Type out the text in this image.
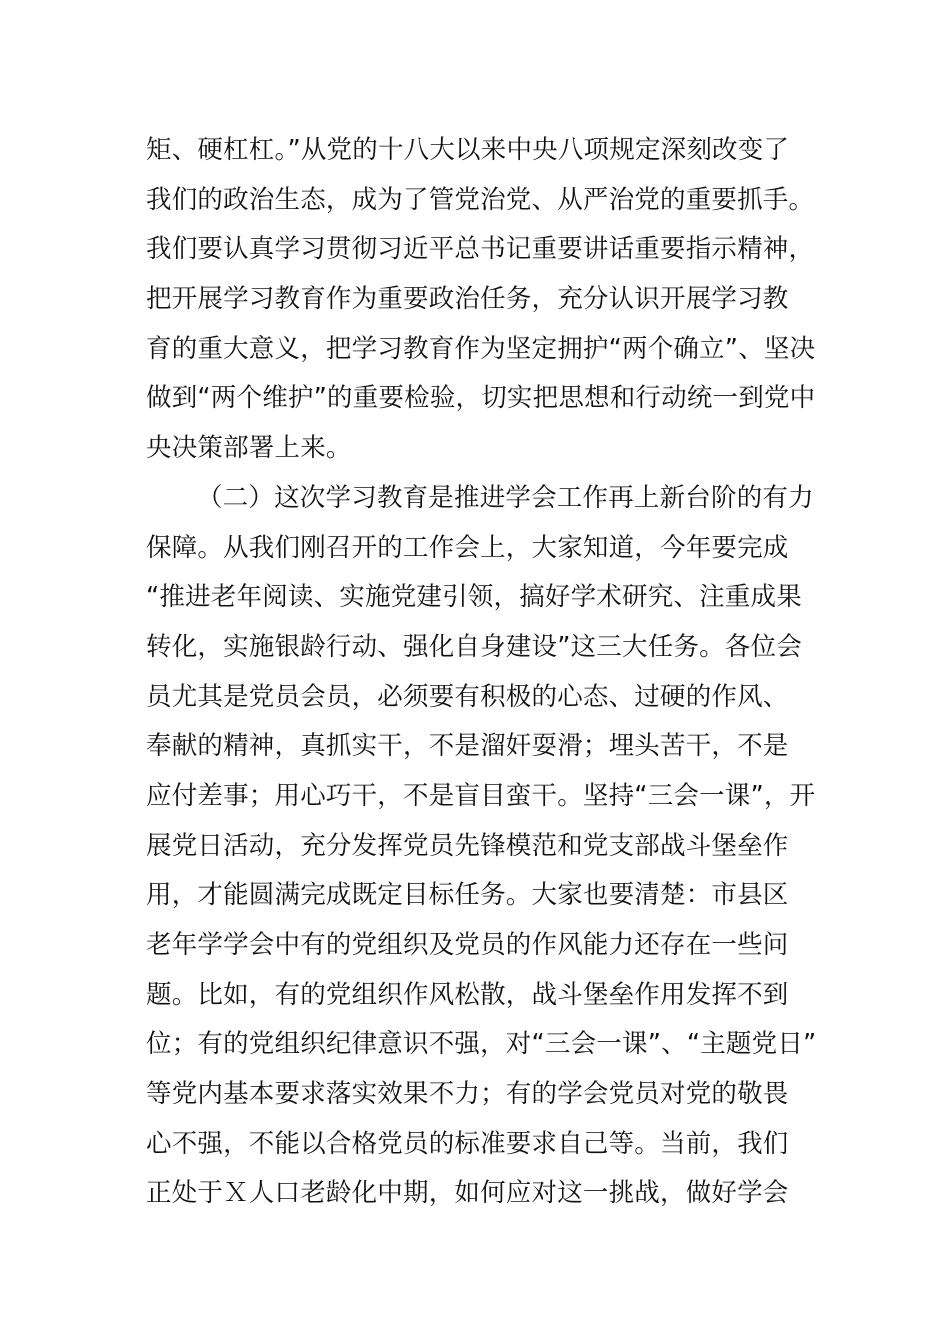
矩、硬杠杠。”从党的十八大以来中央八项规定深刻改变了
我们的政治生态，成为了管党治党、从严治党的重要抓手。
我们要认真学习贯彻习近平总书记重要讲话重要指示精神，
把开展学习教育作为重要政治任务，充分认识开展学习教
育的重大意义，把学习教育作为坚定拥护“两个确立”、坚决
做到“两个维护”的重要检验，切实把思想和行动统一到党中
央决策部署上来。
（二）这次学习教育是推进学会工作再上新台阶的有力
保障。从我们刚召开的工作会上，大家知道，今年要完成
“推进老年阅读、实施党建引领，搞好学术研究、注重成果
转化，实施银龄行动、强化自身建设”这三大任务。各位会
员尤其是党员会员，必须要有积极的心态、过硬的作风、
奉献的精神，真抓实干，不是溜奸耍滑；埋头苦干，不是
应付差事；用心巧干，不是盲目蛮干。坚持“三会一课”，开
展党日活动，充分发挥党员先锋模范和党支部战斗堡垒作
用，才能圆满完成既定目标任务。大家也要清楚：市县区
老年学学会中有的党组织及党员的作风能力还存在一些问
题。比如，有的党组织作风松散，战斗堡垒作用发挥不到
位；有的党组织纪律意识不强，对“三会一课”、“主题党日”
等党内基本要求落实效果不力；有的学会党员对党的敬畏
心不强，不能以合格党员的标准要求自己等。当前，我们
正处于Ｘ人口老龄化中期，如何应对这一挑战，做好学会
